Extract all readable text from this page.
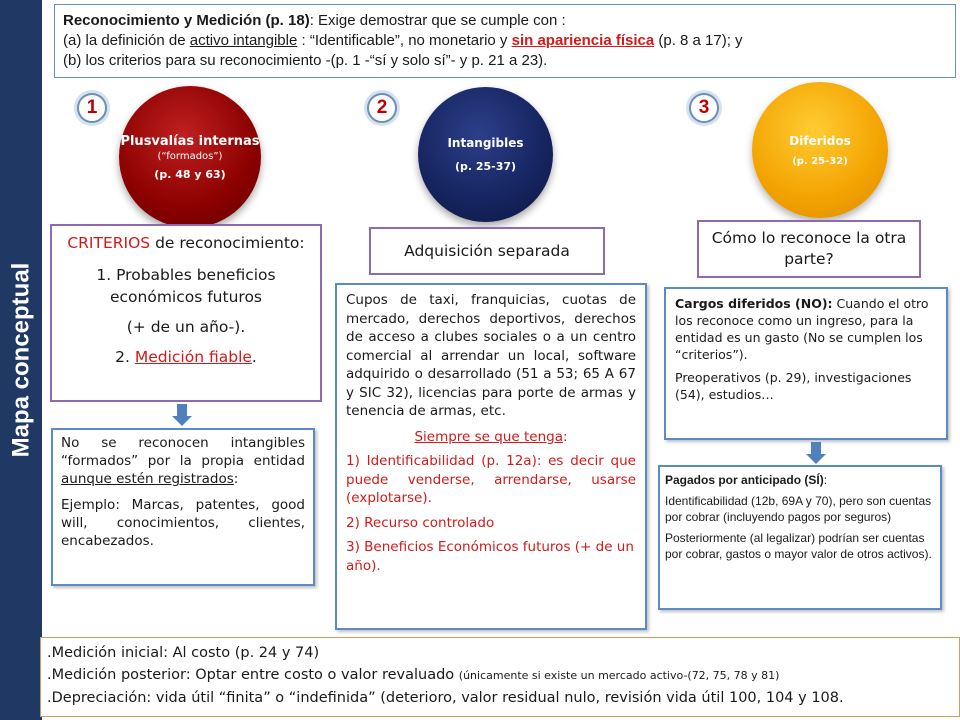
Mapa conceptual

Reconocimiento y Medición (p. 18): Exige demostrar que se cumple con :

(a) la definición de activo intangible : “Identificable”, no monetario y sin apariencia física (p. 8 a 17); y

(b) los criterios para su reconocimiento -(p. 1 -“sí y solo sí”- y p. 21 a 23).

1	2	3
Plusvalías internas
(“formados”)
(p. 48 y 63)
Intangibles
(p. 25-37)
Diferidos
(p. 25-32)

CRITERIOS de reconocimiento:

1. Probables beneficios económicos futuros

(+ de un año-).

2. Medición fiable.

No se reconocen intangibles “formados” por la propia entidad aunque estén registrados:

Ejemplo: Marcas, patentes, good will, conocimientos, clientes, encabezados.

Adquisición separada

Cupos de taxi, franquicias, cuotas de mercado, derechos deportivos, derechos de acceso a clubes sociales o a un centro comercial al arrendar un local, software adquirido o desarrollado (51 a 53; 65 A 67 y SIC 32), licencias para porte de armas y tenencia de armas, etc.

Siempre se que tenga:

1) Identificabilidad (p. 12a): es decir que puede venderse, arrendarse, usarse (explotarse).

2) Recurso controlado

3) Beneficios Económicos futuros (+ de un año).

Cómo lo reconoce la otra parte?

Cargos diferidos (NO): Cuando el otro los reconoce como un ingreso, para la entidad es un gasto (No se cumplen los “criterios”).

Preoperativos (p. 29), investigaciones (54), estudios…

Pagados por anticipado (SÍ):

Identificabilidad (12b, 69A y 70), pero son cuentas por cobrar (incluyendo pagos por seguros)

Posteriormente (al legalizar) podrían ser cuentas por cobrar, gastos o mayor valor de otros activos).

.Medición inicial: Al costo (p. 24 y 74)

.Medición posterior: Optar entre costo o valor revaluado (únicamente si existe un mercado activo-(72, 75, 78 y 81)

.Depreciación: vida útil “finita” o “indefinida” (deterioro, valor residual nulo, revisión vida útil 100, 104 y 108.
